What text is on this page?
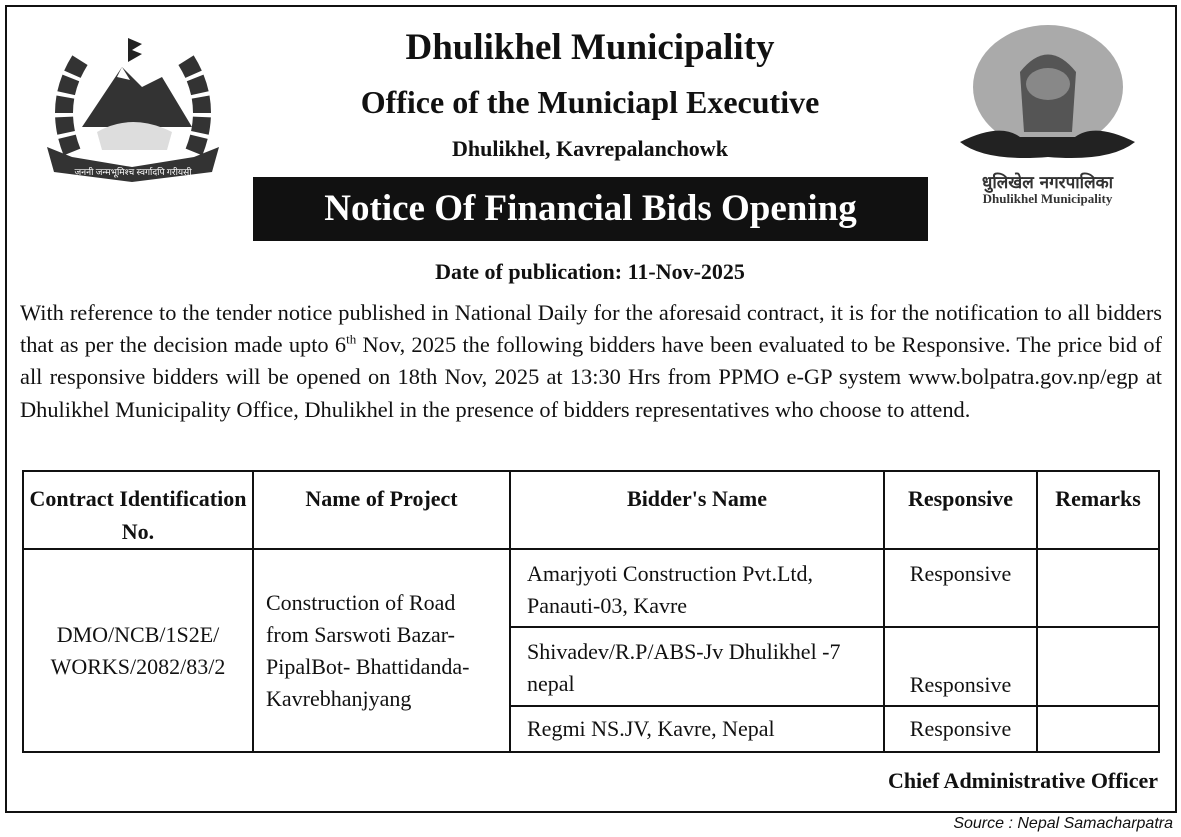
जननी जन्मभूमिश्च स्वर्गादपि गरीयसी
धुलिखेल नगरपालिका
Dhulikhel Municipality
Dhulikhel Municipality
Office of the Municiapl Executive
Dhulikhel, Kavrepalanchowk
Notice Of Financial Bids Opening
Date of publication: 11-Nov-2025
With reference to the tender notice published in National Daily for the aforesaid contract, it is for the notification to all bidders that as per the decision made upto 6th Nov, 2025 the following bidders have been evaluated to be Responsive. The price bid of all responsive bidders will be opened on 18th Nov, 2025 at 13:30 Hrs from PPMO e-GP system www.bolpatra.gov.np/egp at Dhulikhel Municipality Office, Dhulikhel in the presence of bidders representatives who choose to attend.
Contract Identification No.	Name of Project	Bidder's Name	Responsive	Remarks
DMO/NCB/1S2E/ WORKS/2082/83/2	Construction of Road from Sarswoti Bazar-PipalBot- Bhattidanda-Kavrebhanjyang	Amarjyoti Construction Pvt.Ltd, Panauti-03, Kavre	Responsive	
Shivadev/R.P/ABS-Jv Dhulikhel -7 nepal	Responsive	
Regmi NS.JV, Kavre, Nepal	Responsive	
Chief Administrative Officer
Source : Nepal Samacharpatra
